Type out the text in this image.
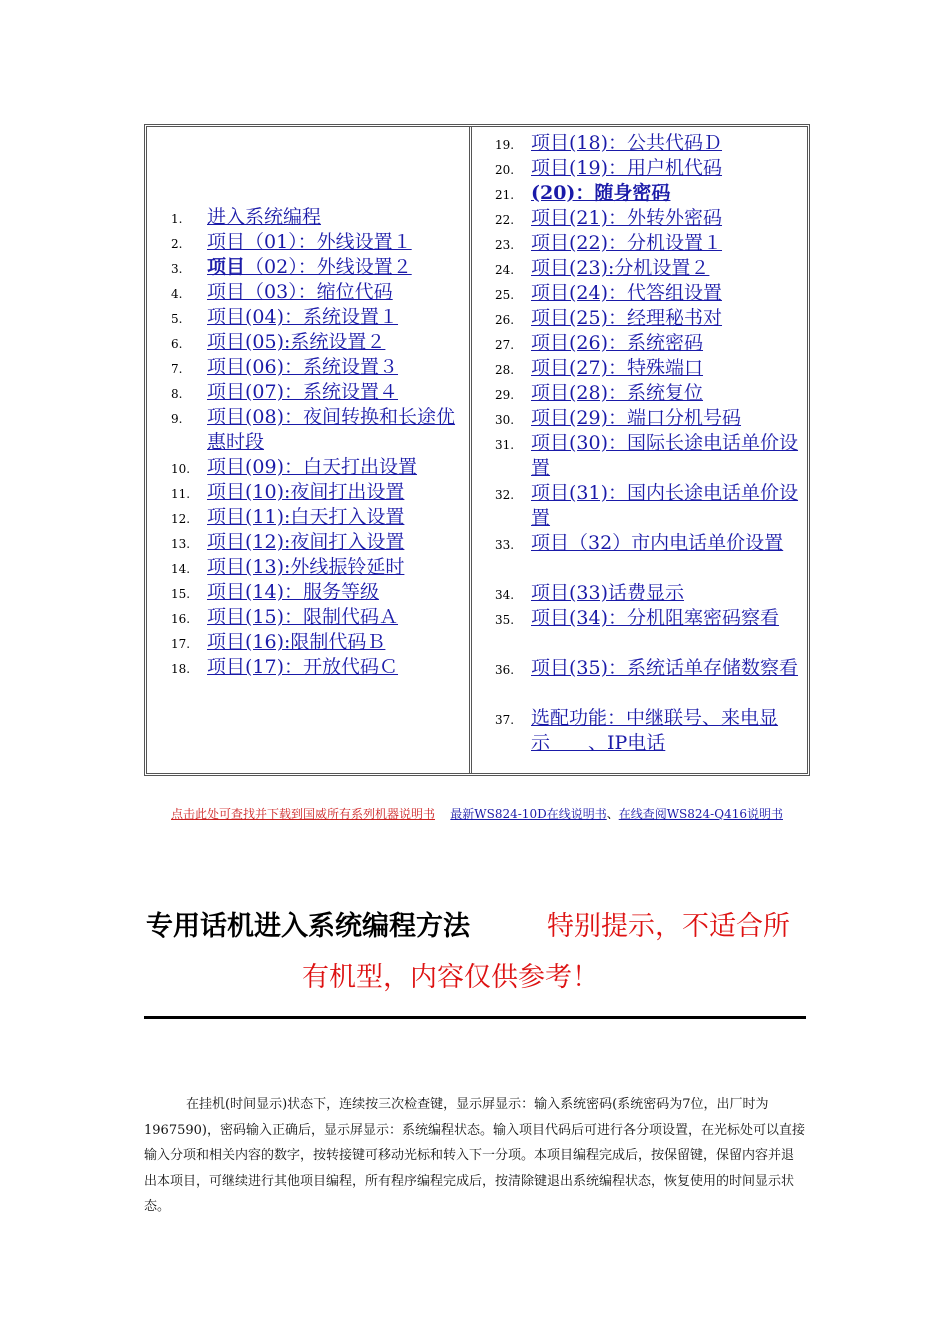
1.	进入系统编程
2.	项目（01）：外线设置１
3.	项目（02）：外线设置２
4.	项目（03）：缩位代码
5.	项目(04)：系统设置１
6.	项目(05):系统设置２
7.	项目(06)：系统设置３
8.	项目(07)：系统设置４
9.	项目(08)：夜间转换和长途优惠时段
10. 项目(09)：白天打出设置
11. 项目(10):夜间打出设置
12. 项目(11):白天打入设置
13. 项目(12):夜间打入设置
14. 项目(13):外线振铃延时
15. 项目(14)：服务等级
16. 项目(15)：限制代码Ａ
17. 项目(16):限制代码Ｂ
18. 项目(17)：开放代码Ｃ
19. 项目(18)：公共代码Ｄ
20. 项目(19)：用户机代码
21. (20)：随身密码
22. 项目(21)：外转外密码
23. 项目(22)：分机设置１
24. 项目(23):分机设置２
25. 项目(24)：代答组设置
26. 项目(25)：经理秘书对
27. 项目(26)：系统密码
28. 项目(27)：特殊端口
29. 项目(28)：系统复位
30. 项目(29)：端口分机号码
31. 项目(30)：国际长途电话单价设置
32. 项目(31)：国内长途电话单价设置
33. 项目（32）市内电话单价设置
34. 项目(33)话费显示
35. 项目(34)：分机阻塞密码察看
36. 项目(35)：系统话单存储数察看
37. 选配功能：中继联号、来电显示　　、IP电话
点击此处可查找并下载到国威所有系列机器说明书 最新WS824-10D在线说明书、在线查阅WS824-Q416说明书
专用话机进入系统编程方法	特别提示，不适合所
有机型，内容仅供参考！

在挂机(时间显示)状态下，连续按三次检查键，显示屏显示：输入系统密码(系统密码为7位，出厂时为1967590)，密码输入正确后，显示屏显示：系统编程状态。输入项目代码后可进行各分项设置，在光标处可以直接输入分项和相关内容的数字，按转接键可移动光标和转入下一分项。本项目编程完成后，按保留键，保留内容并退出本项目，可继续进行其他项目编程，所有程序编程完成后，按清除键退出系统编程状态，恢复使用的时间显示状态。
